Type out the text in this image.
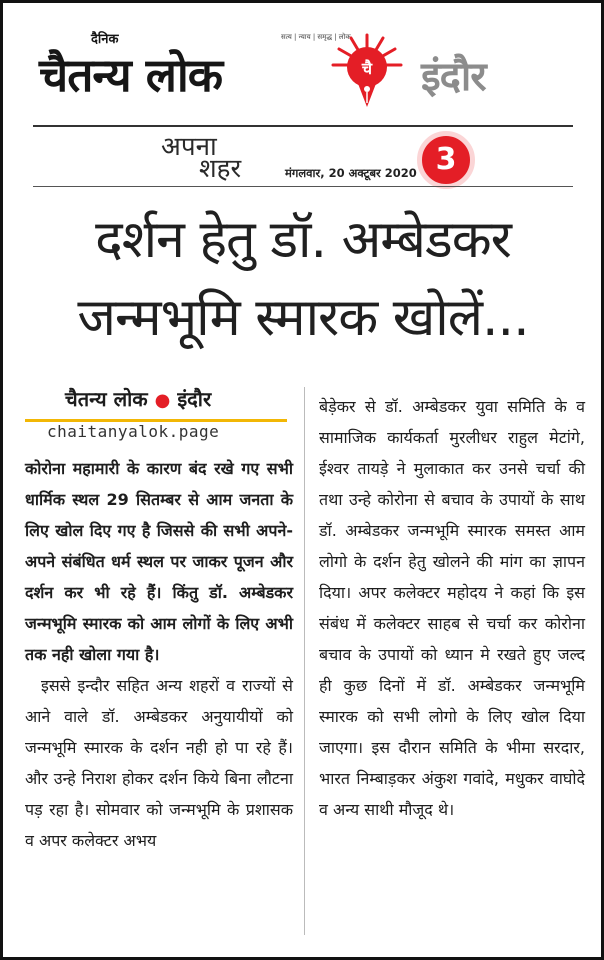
दैनिक
चैतन्य लोक
सत्य | न्याय | समृद्ध | लोक
चै इंदौर
अपना
शहर	मंगलवार, 20 अक्टूबर 2020 3
दर्शन हेतु डॉ. अम्बेडकर
जन्मभूमि स्मारक खोलें...
चैतन्य लोक ● इंदौर
chaitanyalok.page

कोरोना महामारी के कारण बंद रखे गए सभी धार्मिक स्थल 29 सितम्बर से आम जनता के लिए खोल दिए गए है जिससे की सभी अपने-अपने संबंधित धर्म स्थल पर जाकर पूजन और दर्शन कर भी रहे हैं। किंतु डॉ. अम्बेडकर जन्मभूमि स्मारक को आम लोगों के लिए अभी तक नही खोला गया है।

इससे इन्दौर सहित अन्य शहरों व राज्यों से आने वाले डॉ. अम्बेडकर अनुयायीयों को जन्मभूमि स्मारक के दर्शन नही हो पा रहे हैं। और उन्हे निराश होकर दर्शन किये बिना लौटना पड़ रहा है। सोमवार को जन्मभूमि के प्रशासक व अपर कलेक्टर अभय

बेड़ेकर से डॉ. अम्बेडकर युवा समिति के व सामाजिक कार्यकर्ता मुरलीधर राहुल मेटांगे, ईश्वर तायड़े ने मुलाकात कर उनसे चर्चा की तथा उन्हे कोरोना से बचाव के उपायों के साथ डॉ. अम्बेडकर जन्मभूमि स्मारक समस्त आम लोगो के दर्शन हेतु खोलने की मांग का ज्ञापन दिया। अपर कलेक्टर महोदय ने कहां कि इस संबंध में कलेक्टर साहब से चर्चा कर कोरोना बचाव के उपायों को ध्यान मे रखते हुए जल्द ही कुछ दिनों में डॉ. अम्बेडकर जन्मभूमि स्मारक को सभी लोगो के लिए खोल दिया जाएगा। इस दौरान समिति के भीमा सरदार, भारत निम्बाड़कर अंकुश गवांदे, मधुकर वाघोदे व अन्य साथी मौजूद थे।
